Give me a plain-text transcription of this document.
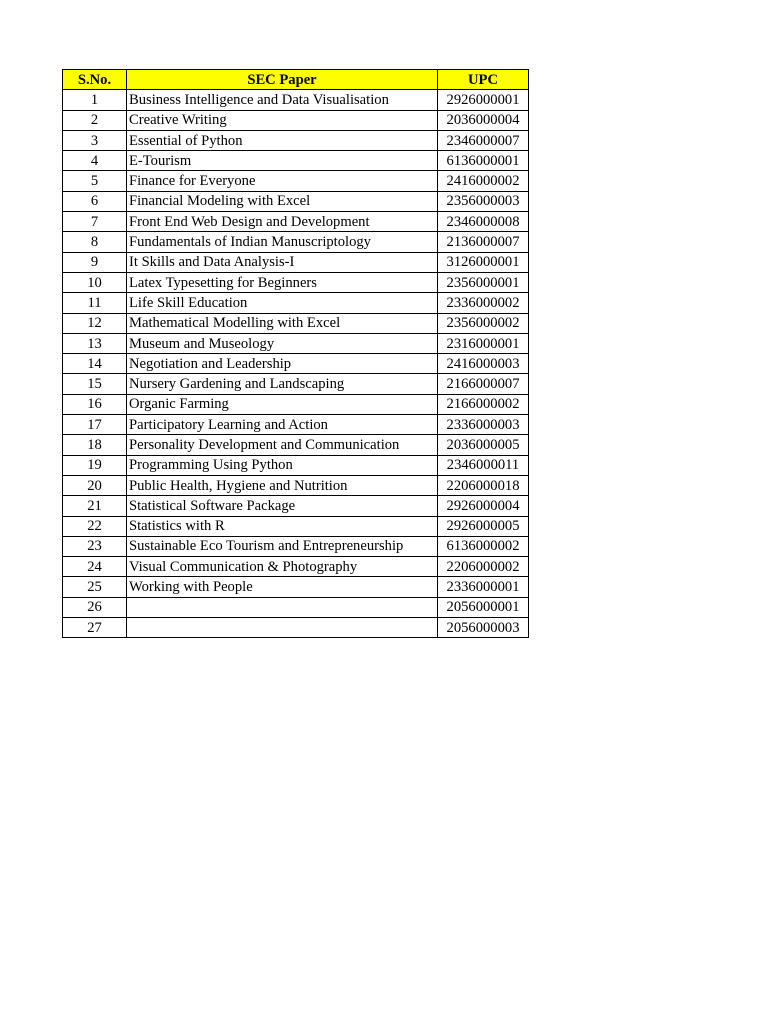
S.No.	SEC Paper	UPC
1	Business Intelligence and Data Visualisation	2926000001
2	Creative Writing	2036000004
3	Essential of Python	2346000007
4	E-Tourism	6136000001
5	Finance for Everyone	2416000002
6	Financial Modeling with Excel	2356000003
7	Front End Web Design and Development	2346000008
8	Fundamentals of Indian Manuscriptology	2136000007
9	It Skills and Data Analysis-I	3126000001
10	Latex Typesetting for Beginners	2356000001
11	Life Skill Education	2336000002
12	Mathematical Modelling with Excel	2356000002
13	Museum and Museology	2316000001
14	Negotiation and Leadership	2416000003
15	Nursery Gardening and Landscaping	2166000007
16	Organic Farming	2166000002
17	Participatory Learning and Action	2336000003
18	Personality Development and Communication	2036000005
19	Programming Using Python	2346000011
20	Public Health, Hygiene and Nutrition	2206000018
21	Statistical Software Package	2926000004
22	Statistics with R	2926000005
23	Sustainable Eco Tourism and Entrepreneurship	6136000002
24	Visual Communication & Photography	2206000002
25	Working with People	2336000001
26		2056000001
27		2056000003
